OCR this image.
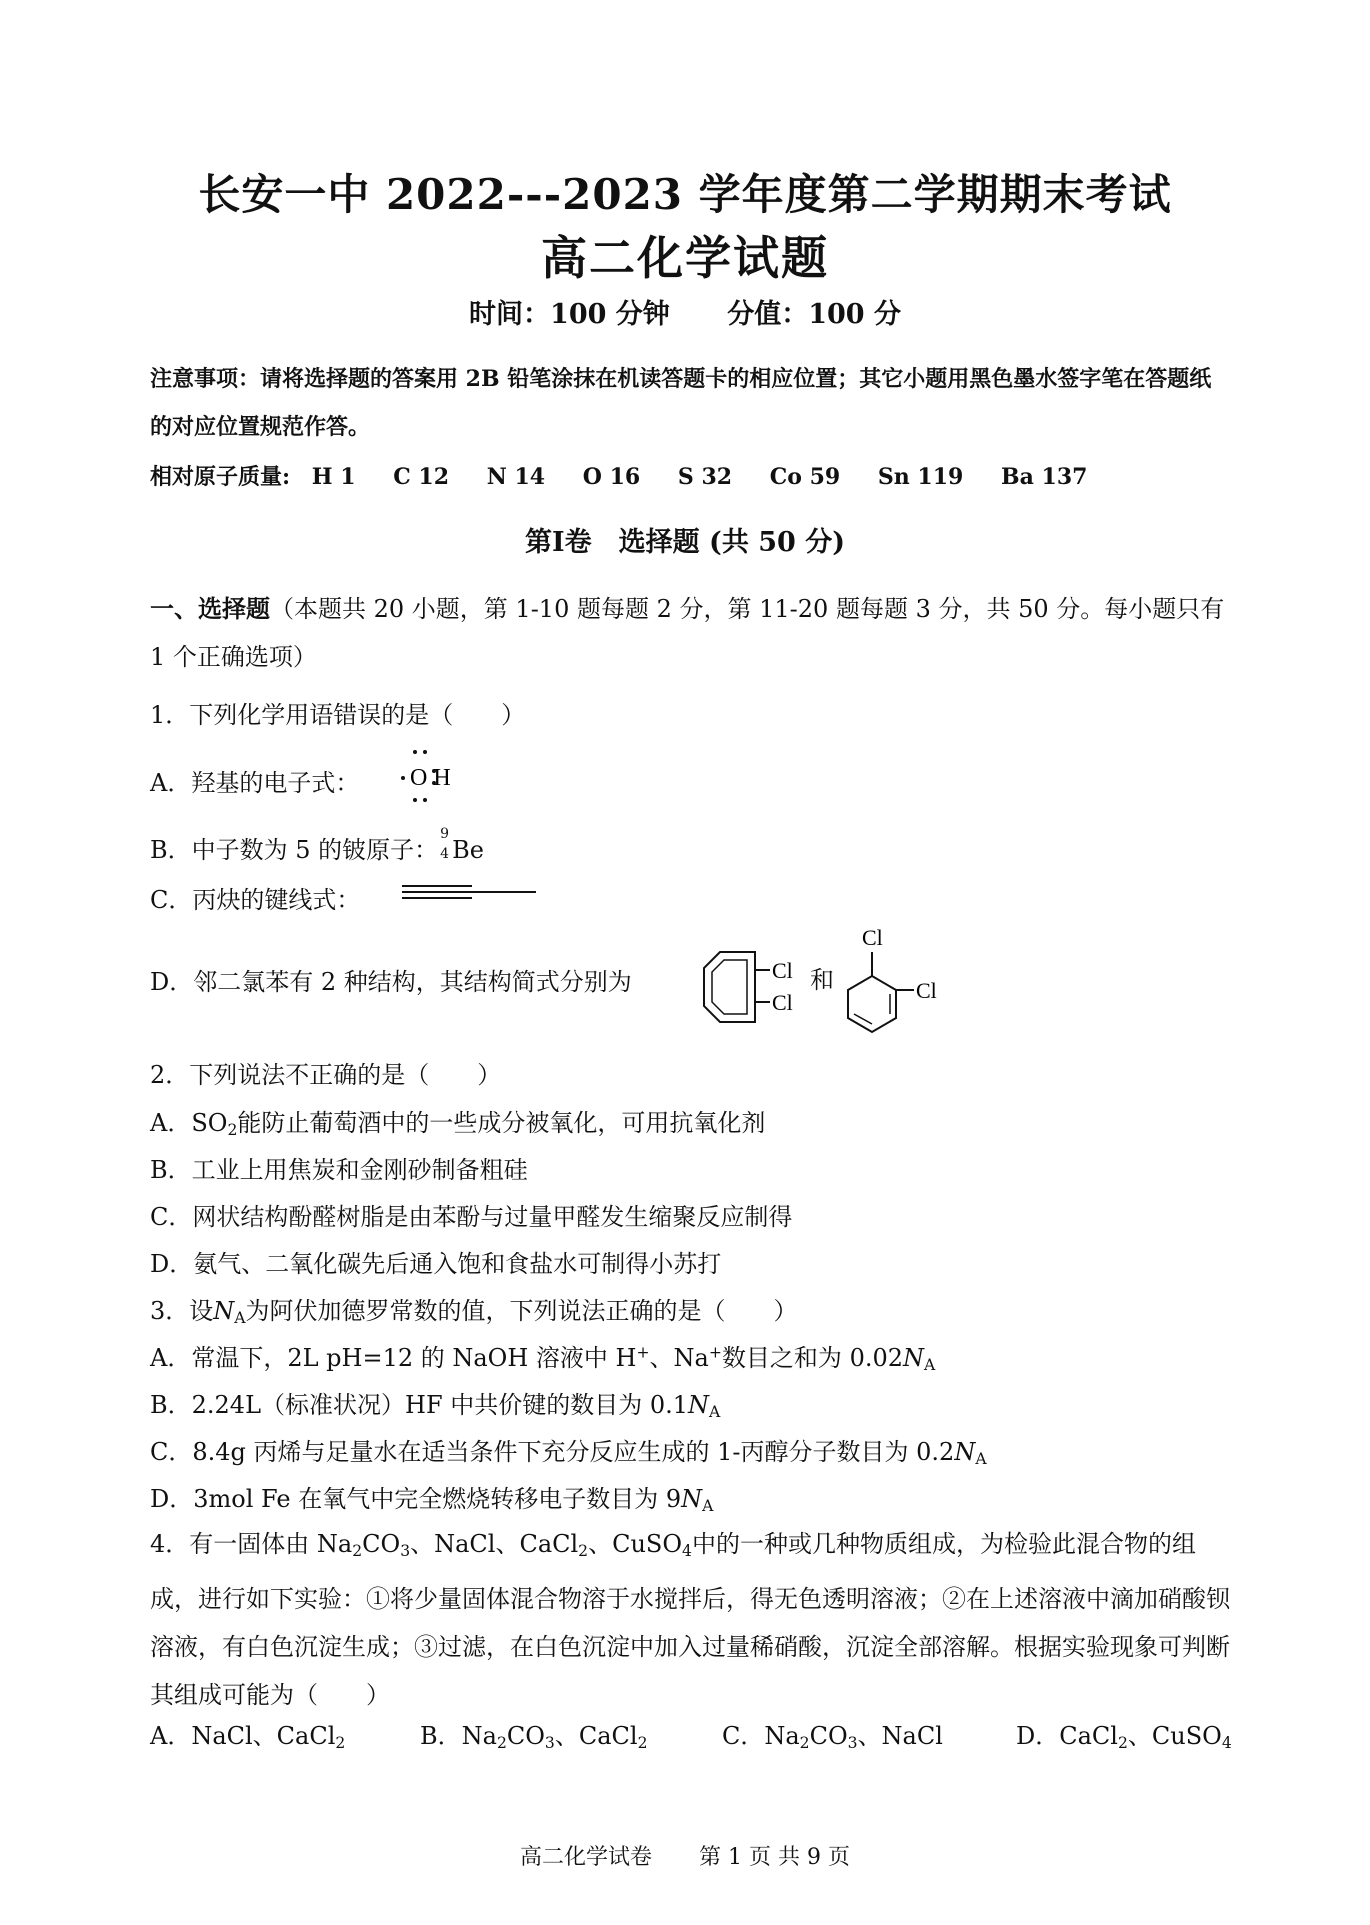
长安一中 2022---2023 学年度第二学期期末考试
高二化学试题
时间：100 分钟 分值：100 分
注意事项：请将选择题的答案用 2B 铅笔涂抹在机读答题卡的相应位置；其它小题用黑色墨水签字笔在答题纸的对应位置规范作答。
相对原子质量: H 1 C 12 N 14 O 16 S 32 Co 59 Sn 119 Ba 137
第Ⅰ卷　选择题 (共 50 分)
一、选择题（本题共 20 小题，第 1-10 题每题 2 分，第 11-20 题每题 3 分，共 50 分。每小题只有 1 个正确选项）
1．下列化学用语错误的是（　　）
A．羟基的电子式： O H
B．中子数为 5 的铍原子：
9
4 Be
C．丙炔的键线式：
D．邻二氯苯有 2 种结构，其结构简式分别为	Cl
Cl
和
Cl
Cl
2．下列说法不正确的是（　　）
A．$SO_2$能防止葡萄酒中的一些成分被氧化，可用抗氧化剂
B．工业上用焦炭和金刚砂制备粗硅
C．网状结构酚醛树脂是由苯酚与过量甲醛发生缩聚反应制得
D．氨气、二氧化碳先后通入饱和食盐水可制得小苏打
3．设$N_A$为阿伏加德罗常数的值，下列说法正确的是（　　）
A．常温下，2L pH=12 的 NaOH 溶液中 H+、Na+数目之和为 $0.02N_A$
B．2.24L（标准状况）HF 中共价键的数目为 $0.1N_A$
C．8.4g 丙烯与足量水在适当条件下充分反应生成的 1-丙醇分子数目为 $0.2N_A$
D．3mol Fe 在氧气中完全燃烧转移电子数目为 $9N_A$
4．有一固体由 $Na_2CO_3$、NaCl、CaCl$_2$、CuSO$_4$中的一种或几种物质组成，为检验此混合物的组成，进行如下实验：①将少量固体混合物溶于水搅拌后，得无色透明溶液；②在上述溶液中滴加硝酸钡溶液，有白色沉淀生成；③过滤，在白色沉淀中加入过量稀硝酸，沉淀全部溶解。根据实验现象可判断其组成可能为（　　）
A．NaCl、CaCl$_2$	B．$Na_2CO_3$、CaCl$_2$	C．$Na_2CO_3$、NaCl	D．CaCl$_2$、CuSO$_4$
高二化学试卷 第 1 页 共 9 页
